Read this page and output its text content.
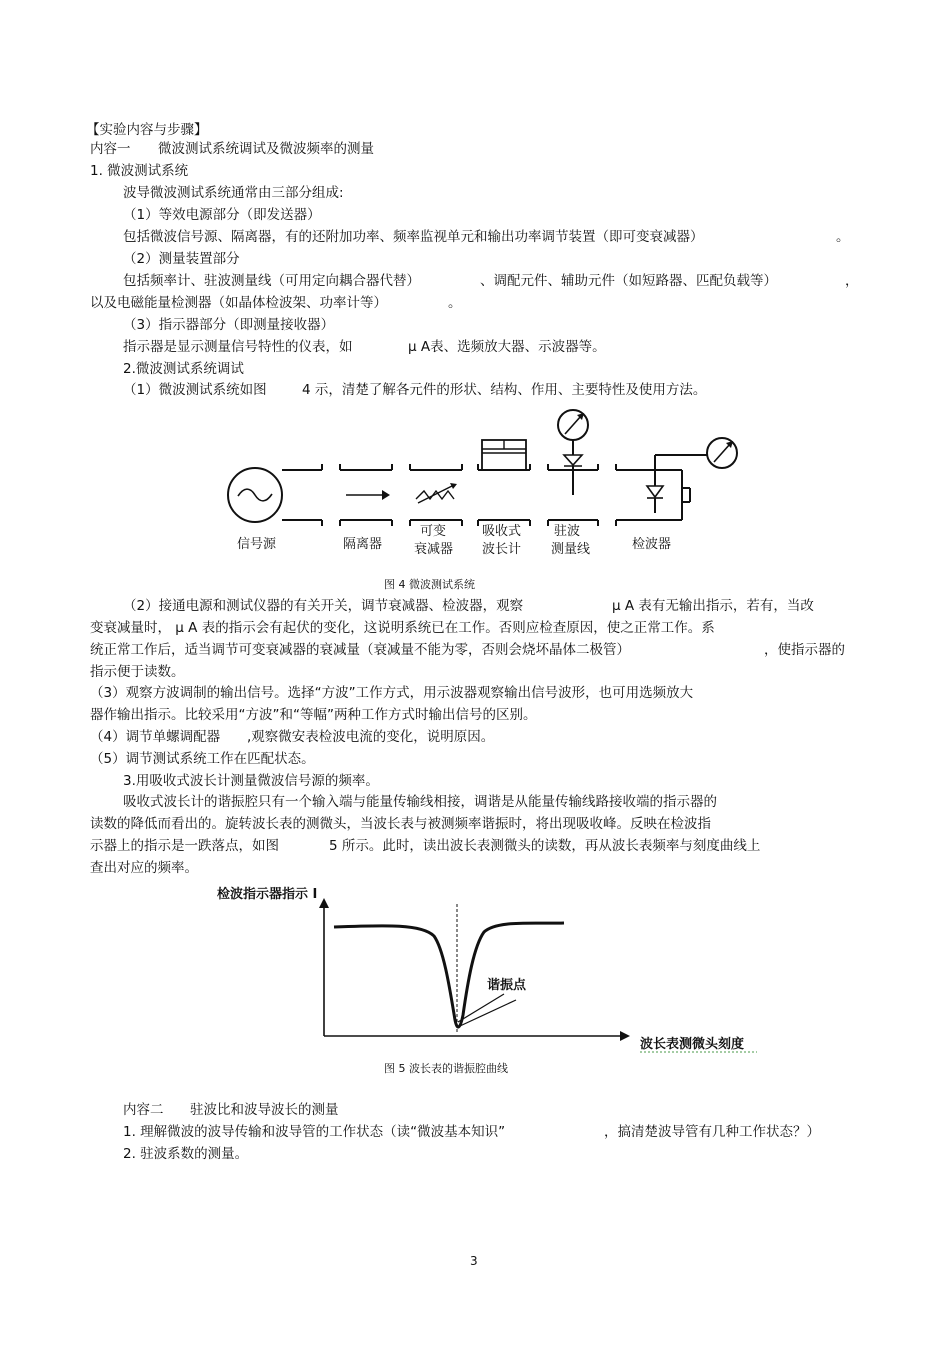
【实验内容与步骤】
内容一 微波测试系统调试及微波频率的测量
1. 微波测试系统
波导微波测试系统通常由三部分组成:
（1）等效电源部分（即发送器）
包括微波信号源、隔离器，有的还附加功率、频率监视单元和输出功率调节装置（即可变衰减器）	。
（2）测量装置部分
包括频率计、驻波测量线（可用定向耦合器代替）	、调配元件、辅助元件（如短路器、匹配负载等）	，
以及电磁能量检测器（如晶体检波架、功率计等）	。
（3）指示器部分（即测量接收器）
指示器是显示测量信号特性的仪表，如	μ A表、选频放大器、示波器等。
2.微波测试系统调试
（1）微波测试系统如图	4 示，清楚了解各元件的形状、结构、作用、主要特性及使用方法。
信号源	隔离器
可变
衰减器
吸收式
波长计
驻波
测量线	检波器
图 4 微波测试系统
（2）接通电源和测试仪器的有关开关，调节衰减器、检波器，观察	μ A 表有无输出指示，若有，当改
变衰减量时， μ A 表的指示会有起伏的变化，这说明系统已在工作。否则应检查原因，使之正常工作。系
统正常工作后，适当调节可变衰减器的衰减量（衰减量不能为零，否则会烧坏晶体二极管）	，使指示器的
指示便于读数。
（3）观察方波调制的输出信号。选择“方波”工作方式，用示波器观察输出信号波形，也可用选频放大
器作输出指示。比较采用“方波”和“等幅”两种工作方式时输出信号的区别。
（4）调节单螺调配器 ,观察微安表检波电流的变化，说明原因。
（5）调节测试系统工作在匹配状态。
3.用吸收式波长计测量微波信号源的频率。
吸收式波长计的谐振腔只有一个输入端与能量传输线相接，调谐是从能量传输线路接收端的指示器的
读数的降低而看出的。旋转波长表的测微头，当波长表与被测频率谐振时，将出现吸收峰。反映在检波指
示器上的指示是一跌落点，如图	5 所示。此时，读出波长表测微头的读数，再从波长表频率与刻度曲线上
查出对应的频率。
检波指示器指示 I
波长表测微头刻度
谐振点
图 5 波长表的谐振腔曲线
内容二 驻波比和波导波长的测量
1. 理解微波的波导传输和波导管的工作状态（读“微波基本知识”	，搞清楚波导管有几种工作状态？）
2. 驻波系数的测量。
3
